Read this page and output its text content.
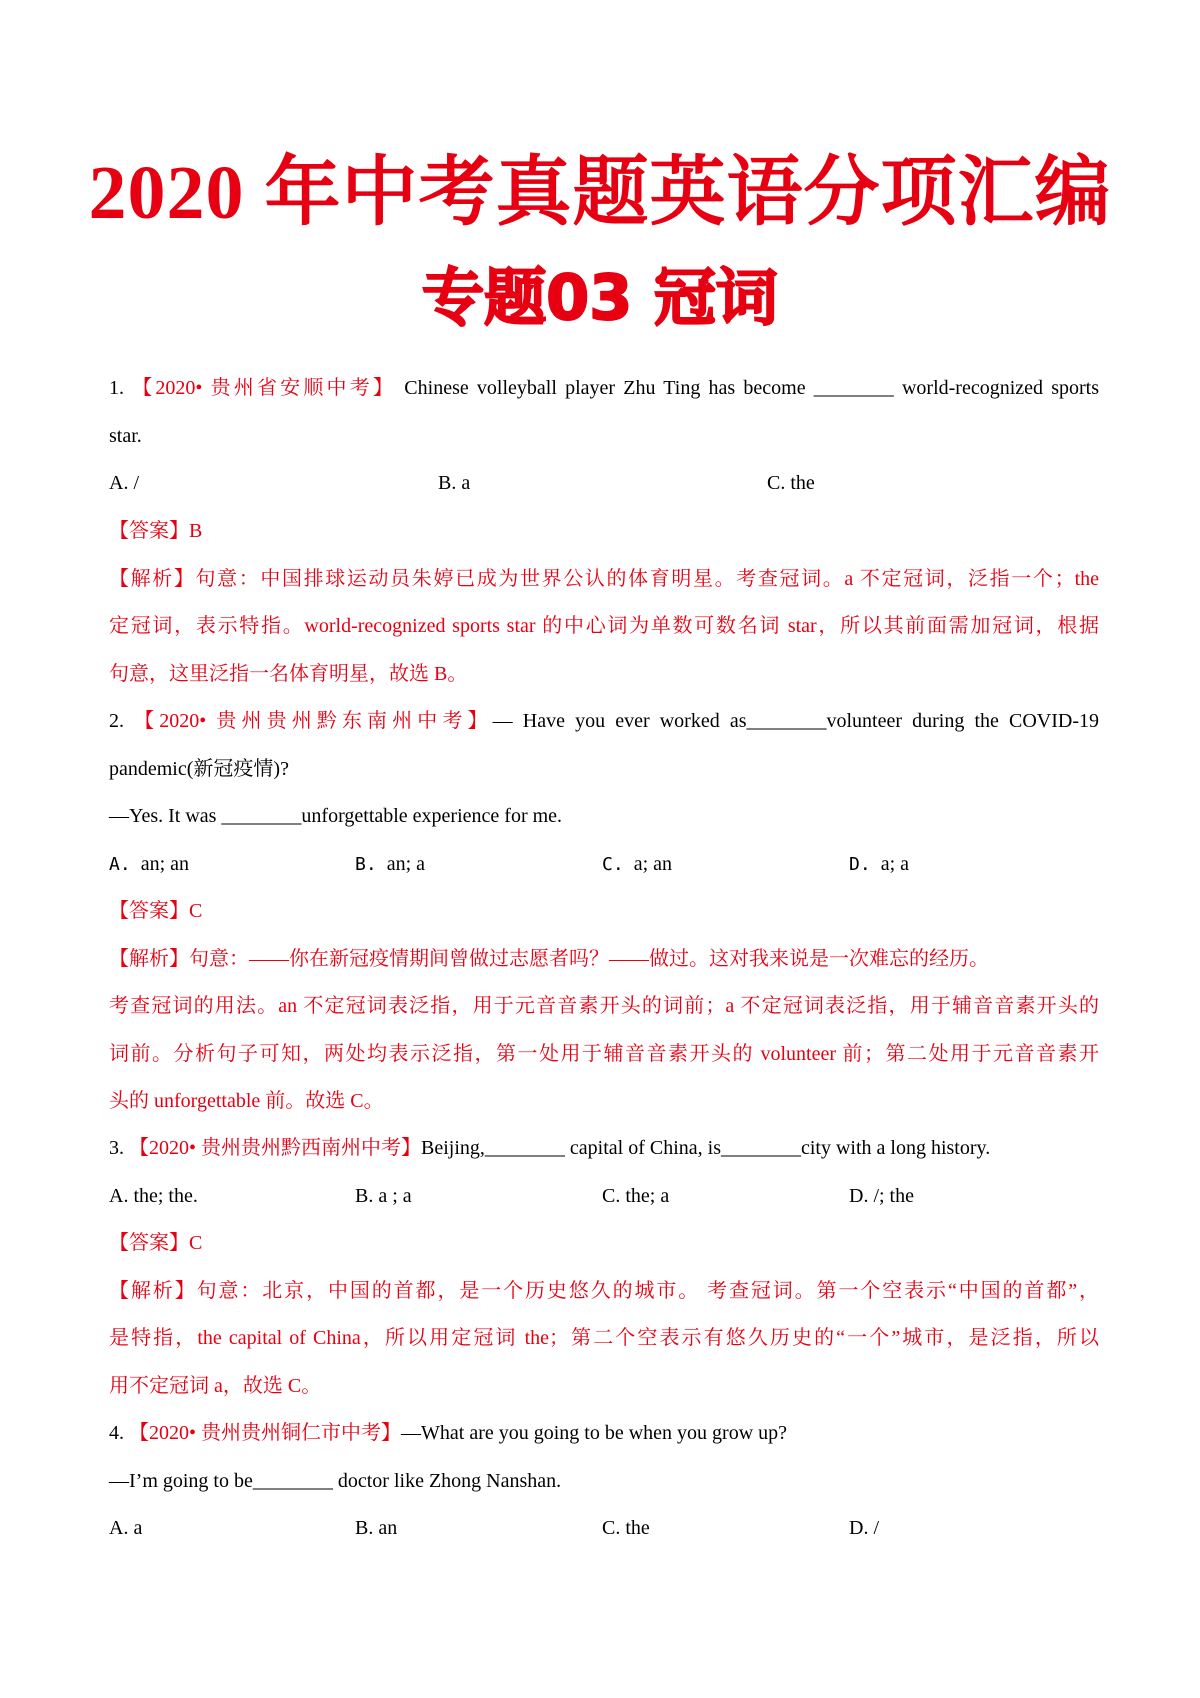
2020 年中考真题英语分项汇编
专题03 冠词
1. 【2020• 贵州省安顺中考】 Chinese volleyball player Zhu Ting has become ________ world-recognized sports
star.
A. /	B. a	C. the
【答案】B
【解析】句意：中国排球运动员朱婷已成为世界公认的体育明星。考查冠词。a 不定冠词，泛指一个；the
定冠词，表示特指。world-recognized sports star 的中心词为单数可数名词 star，所以其前面需加冠词，根据
句意，这里泛指一名体育明星，故选 B。
2. 【2020• 贵州贵州黔东南州中考】— Have you ever worked as________volunteer during the COVID-19
pandemic(新冠疫情)?
—Yes. It was ________unforgettable experience for me.
A. an; an	B. an; a	C. a; an	D. a; a
【答案】C
【解析】句意：——你在新冠疫情期间曾做过志愿者吗？——做过。这对我来说是一次难忘的经历。
考查冠词的用法。an 不定冠词表泛指，用于元音音素开头的词前；a 不定冠词表泛指，用于辅音音素开头的
词前。分析句子可知，两处均表示泛指，第一处用于辅音音素开头的 volunteer 前；第二处用于元音音素开
头的 unforgettable 前。故选 C。
3. 【2020• 贵州贵州黔西南州中考】Beijing,________ capital of China, is________city with a long history.
A. the; the.	B. a ; a	C. the; a	D. /; the
【答案】C
【解析】句意：北京，中国的首都，是一个历史悠久的城市。 考查冠词。第一个空表示“中国的首都”，
是特指，the capital of China，所以用定冠词 the；第二个空表示有悠久历史的“一个”城市，是泛指，所以
用不定冠词 a，故选 C。
4. 【2020• 贵州贵州铜仁市中考】—What are you going to be when you grow up?
—I’m going to be________ doctor like Zhong Nanshan.
A. a	B. an	C. the	D. /
